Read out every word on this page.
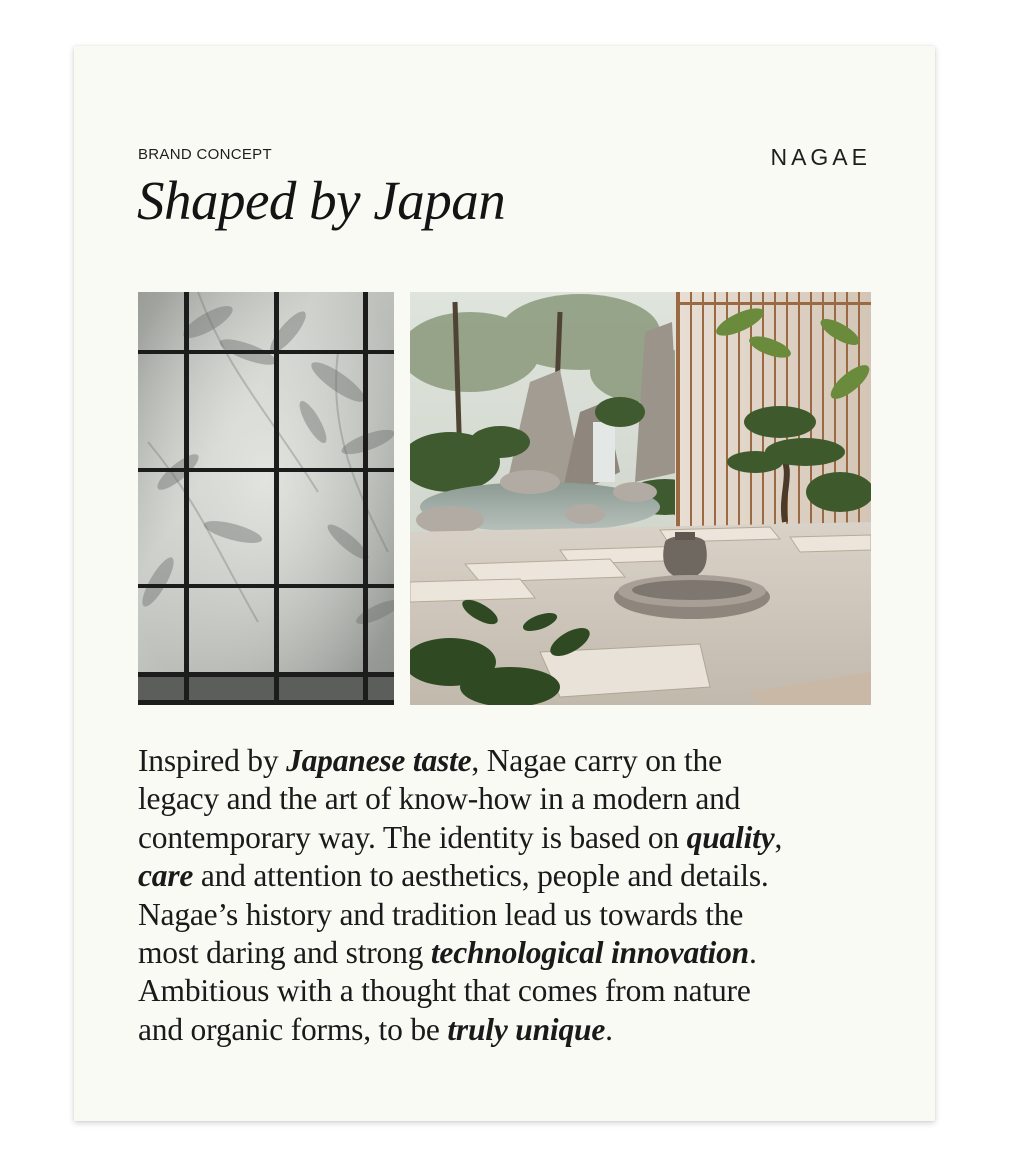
BRAND CONCEPT	NAGAE
Shaped by Japan
Inspired by Japanese taste, Nagae carry on the
legacy and the art of know-how in a modern and
contemporary way. The identity is based on quality,
care and attention to aesthetics, people and details.
Nagae’s history and tradition lead us towards the
most daring and strong technological innovation.
Ambitious with a thought that comes from nature
and organic forms, to be truly unique.
